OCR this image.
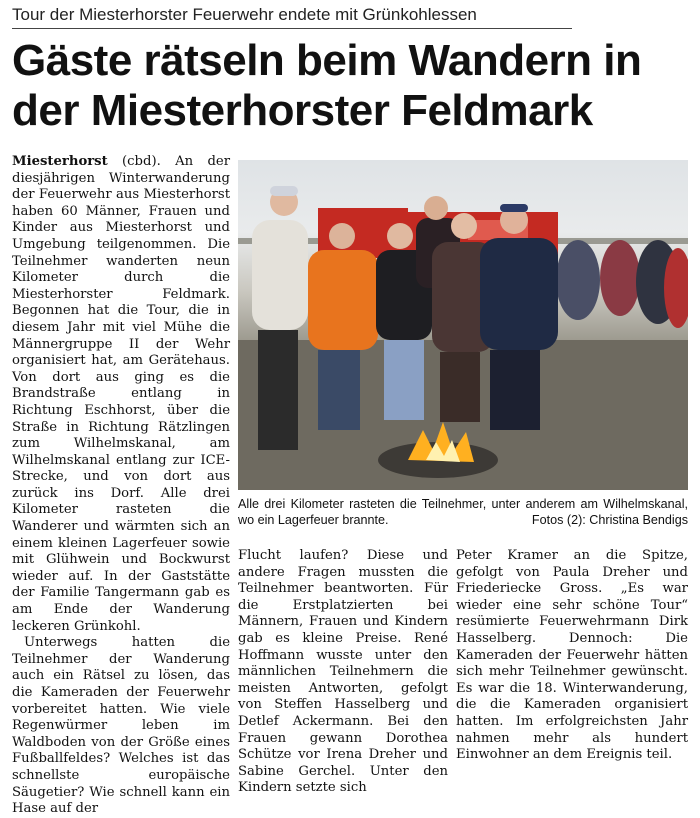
Tour der Miesterhorster Feuerwehr endete mit Grünkohlessen
Gäste rätseln beim Wandern in
der Miesterhorster Feldmark

Miesterhorst (cbd). An der diesjährigen Winterwanderung der Feuerwehr aus Miesterhorst haben 60 Männer, Frauen und Kinder aus Miesterhorst und Umgebung teilgenommen. Die Teilnehmer wanderten neun Kilometer durch die Miesterhorster Feldmark. Begonnen hat die Tour, die in diesem Jahr mit viel Mühe die Männergruppe II der Wehr organisiert hat, am Gerätehaus. Von dort aus ging es die Brandstraße entlang in Richtung Eschhorst, über die Straße in Richtung Rätzlingen zum Wilhelmskanal, am Wilhelmskanal entlang zur ICE-Strecke, und von dort aus zurück ins Dorf. Alle drei Kilometer rasteten die Wanderer und wärmten sich an einem kleinen Lagerfeuer sowie mit Glühwein und Bockwurst wieder auf. In der Gaststätte der Familie Tangermann gab es am Ende der Wanderung leckeren Grünkohl.

Unterwegs hatten die Teilnehmer der Wanderung auch ein Rätsel zu lösen, das die Kameraden der Feuerwehr vorbereitet hatten. Wie viele Regenwürmer leben im Waldboden von der Größe eines Fußballfeldes? Welches ist das schnellste europäische Säugetier? Wie schnell kann ein Hase auf der

Alle drei Kilometer rasteten die Teilnehmer, unter anderem am Wilhelmskanal, wo ein Lagerfeuer brannte.	Fotos (2): Christina Bendigs

Flucht laufen? Diese und andere Fragen mussten die Teilnehmer beantworten. Für die Erstplatzierten bei Männern, Frauen und Kindern gab es kleine Preise. René Hoffmann wusste unter den männlichen Teilnehmern die meisten Antworten, gefolgt von Steffen Hasselberg und Detlef Ackermann. Bei den Frauen gewann Dorothea Schütze vor Irena Dreher und Sabine Gerchel. Unter den Kindern setzte sich

Peter Kramer an die Spitze, gefolgt von Paula Dreher und Friederiecke Gross. „Es war wieder eine sehr schöne Tour“ resümierte Feuerwehrmann Dirk Hasselberg. Dennoch: Die Kameraden der Feuerwehr hätten sich mehr Teilnehmer gewünscht. Es war die 18. Winterwanderung, die die Kameraden organisiert hatten. Im erfolgreichsten Jahr nahmen mehr als hundert Einwohner an dem Ereignis teil.
